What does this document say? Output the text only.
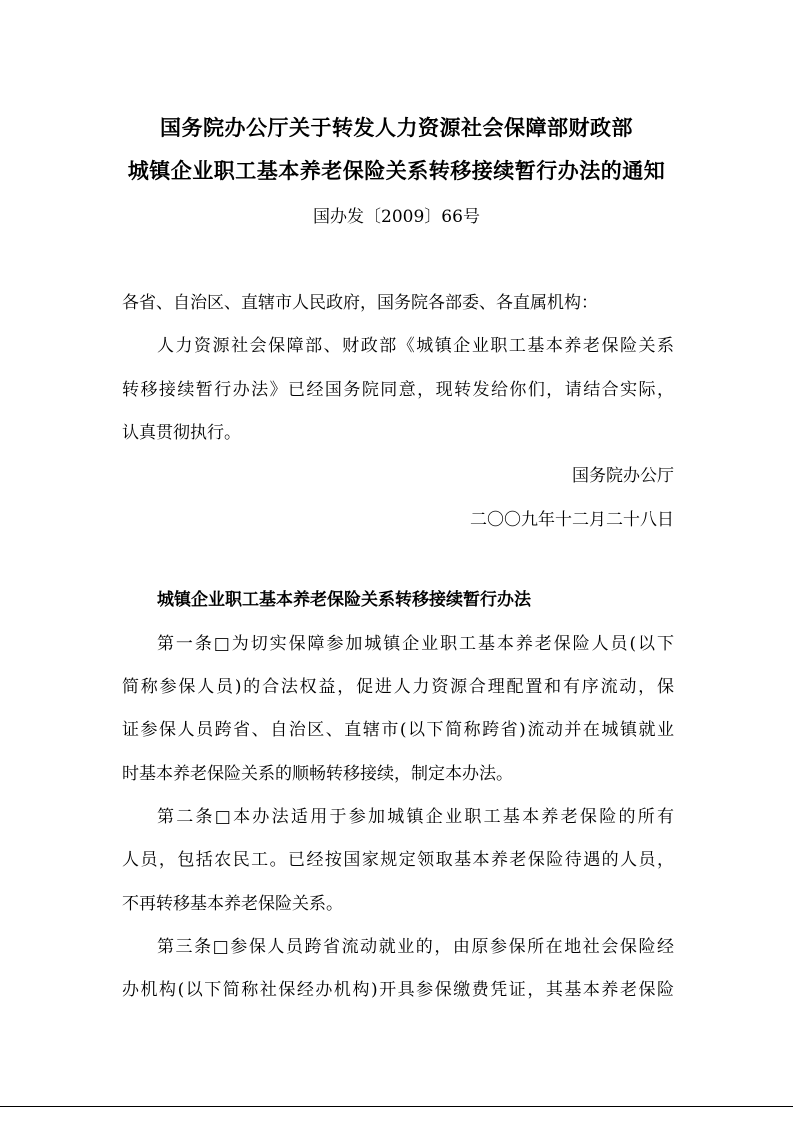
国务院办公厅关于转发人力资源社会保障部财政部
城镇企业职工基本养老保险关系转移接续暂行办法的通知
国办发〔2009〕66号
各省、自治区、直辖市人民政府，国务院各部委、各直属机构：
人力资源社会保障部、财政部《城镇企业职工基本养老保险关系
转移接续暂行办法》已经国务院同意，现转发给你们，请结合实际，
认真贯彻执行。
国务院办公厅
二〇〇九年十二月二十八日
城镇企业职工基本养老保险关系转移接续暂行办法
第一条□为切实保障参加城镇企业职工基本养老保险人员(以下
简称参保人员)的合法权益，促进人力资源合理配置和有序流动，保
证参保人员跨省、自治区、直辖市(以下简称跨省)流动并在城镇就业
时基本养老保险关系的顺畅转移接续，制定本办法。
第二条□本办法适用于参加城镇企业职工基本养老保险的所有
人员，包括农民工。已经按国家规定领取基本养老保险待遇的人员，
不再转移基本养老保险关系。
第三条□参保人员跨省流动就业的，由原参保所在地社会保险经
办机构(以下简称社保经办机构)开具参保缴费凭证，其基本养老保险
